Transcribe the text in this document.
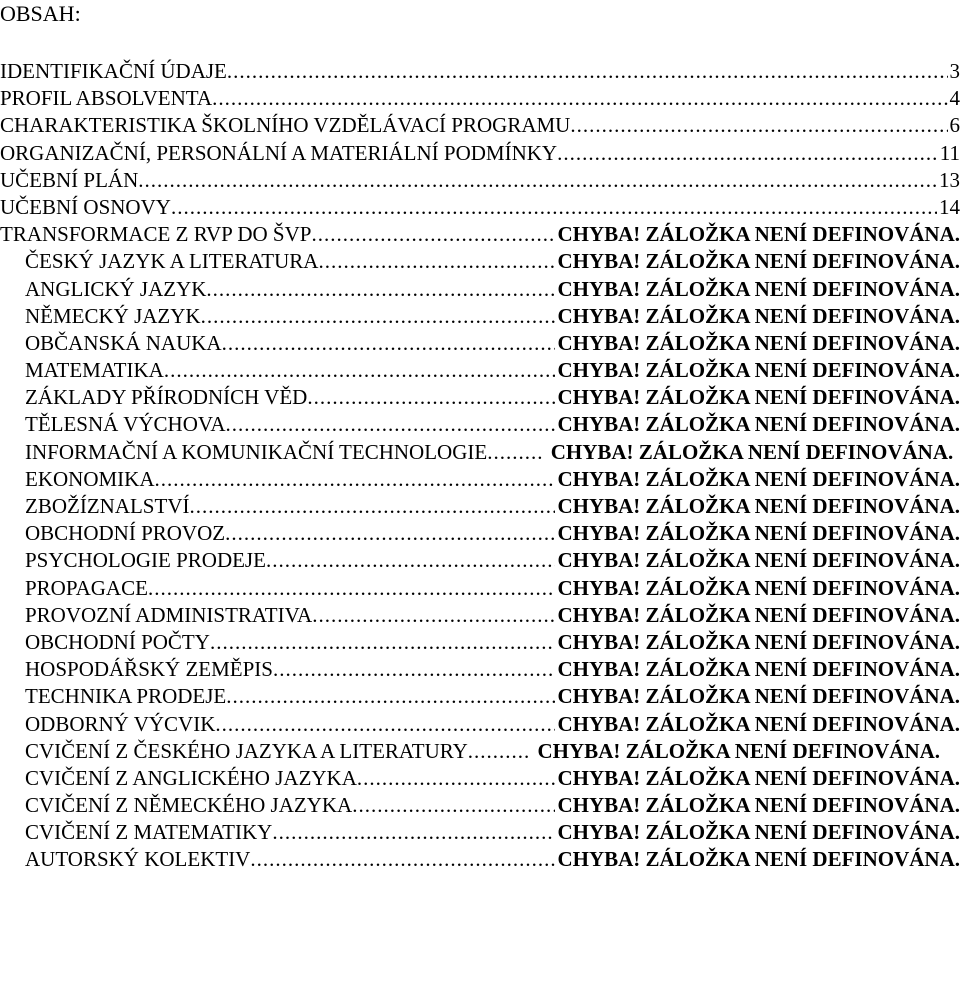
OBSAH:
IDENTIFIKAČNÍ ÚDAJE .....	3
PROFIL ABSOLVENTA .....	4
CHARAKTERISTIKA ŠKOLNÍHO VZDĚLÁVACÍ PROGRAMU .....	6
ORGANIZAČNÍ, PERSONÁLNÍ A MATERIÁLNÍ PODMÍNKY .....	11
UČEBNÍ PLÁN .....	13
UČEBNÍ OSNOVY .....	14
TRANSFORMACE Z RVP DO ŠVP .....	CHYBA! ZÁLOŽKA NENÍ DEFINOVÁNA.
ČESKÝ JAZYK A LITERATURA .....	CHYBA! ZÁLOŽKA NENÍ DEFINOVÁNA.
ANGLICKÝ JAZYK .....	CHYBA! ZÁLOŽKA NENÍ DEFINOVÁNA.
NĚMECKÝ JAZYK .....	CHYBA! ZÁLOŽKA NENÍ DEFINOVÁNA.
OBČANSKÁ NAUKA .....	CHYBA! ZÁLOŽKA NENÍ DEFINOVÁNA.
MATEMATIKA .....	CHYBA! ZÁLOŽKA NENÍ DEFINOVÁNA.
ZÁKLADY PŘÍRODNÍCH VĚD .....	CHYBA! ZÁLOŽKA NENÍ DEFINOVÁNA.
TĚLESNÁ VÝCHOVA .....	CHYBA! ZÁLOŽKA NENÍ DEFINOVÁNA.
INFORMAČNÍ A KOMUNIKAČNÍ TECHNOLOGIE......... CHYBA! ZÁLOŽKA NENÍ DEFINOVÁNA.
EKONOMIKA .....	CHYBA! ZÁLOŽKA NENÍ DEFINOVÁNA.
ZBOŽÍZNALSTVÍ .....	CHYBA! ZÁLOŽKA NENÍ DEFINOVÁNA.
OBCHODNÍ PROVOZ .....	CHYBA! ZÁLOŽKA NENÍ DEFINOVÁNA.
PSYCHOLOGIE PRODEJE .....	CHYBA! ZÁLOŽKA NENÍ DEFINOVÁNA.
PROPAGACE .....	CHYBA! ZÁLOŽKA NENÍ DEFINOVÁNA.
PROVOZNÍ ADMINISTRATIVA .....	CHYBA! ZÁLOŽKA NENÍ DEFINOVÁNA.
OBCHODNÍ POČTY .....	CHYBA! ZÁLOŽKA NENÍ DEFINOVÁNA.
HOSPODÁŘSKÝ ZEMĚPIS .....	CHYBA! ZÁLOŽKA NENÍ DEFINOVÁNA.
TECHNIKA PRODEJE .....	CHYBA! ZÁLOŽKA NENÍ DEFINOVÁNA.
ODBORNÝ VÝCVIK .....	CHYBA! ZÁLOŽKA NENÍ DEFINOVÁNA.
CVIČENÍ Z ČESKÉHO JAZYKA A LITERATURY.......... CHYBA! ZÁLOŽKA NENÍ DEFINOVÁNA.
CVIČENÍ Z ANGLICKÉHO JAZYKA .....	CHYBA! ZÁLOŽKA NENÍ DEFINOVÁNA.
CVIČENÍ Z NĚMECKÉHO JAZYKA .....	CHYBA! ZÁLOŽKA NENÍ DEFINOVÁNA.
CVIČENÍ Z MATEMATIKY .....	CHYBA! ZÁLOŽKA NENÍ DEFINOVÁNA.
AUTORSKÝ KOLEKTIV .....	CHYBA! ZÁLOŽKA NENÍ DEFINOVÁNA.
